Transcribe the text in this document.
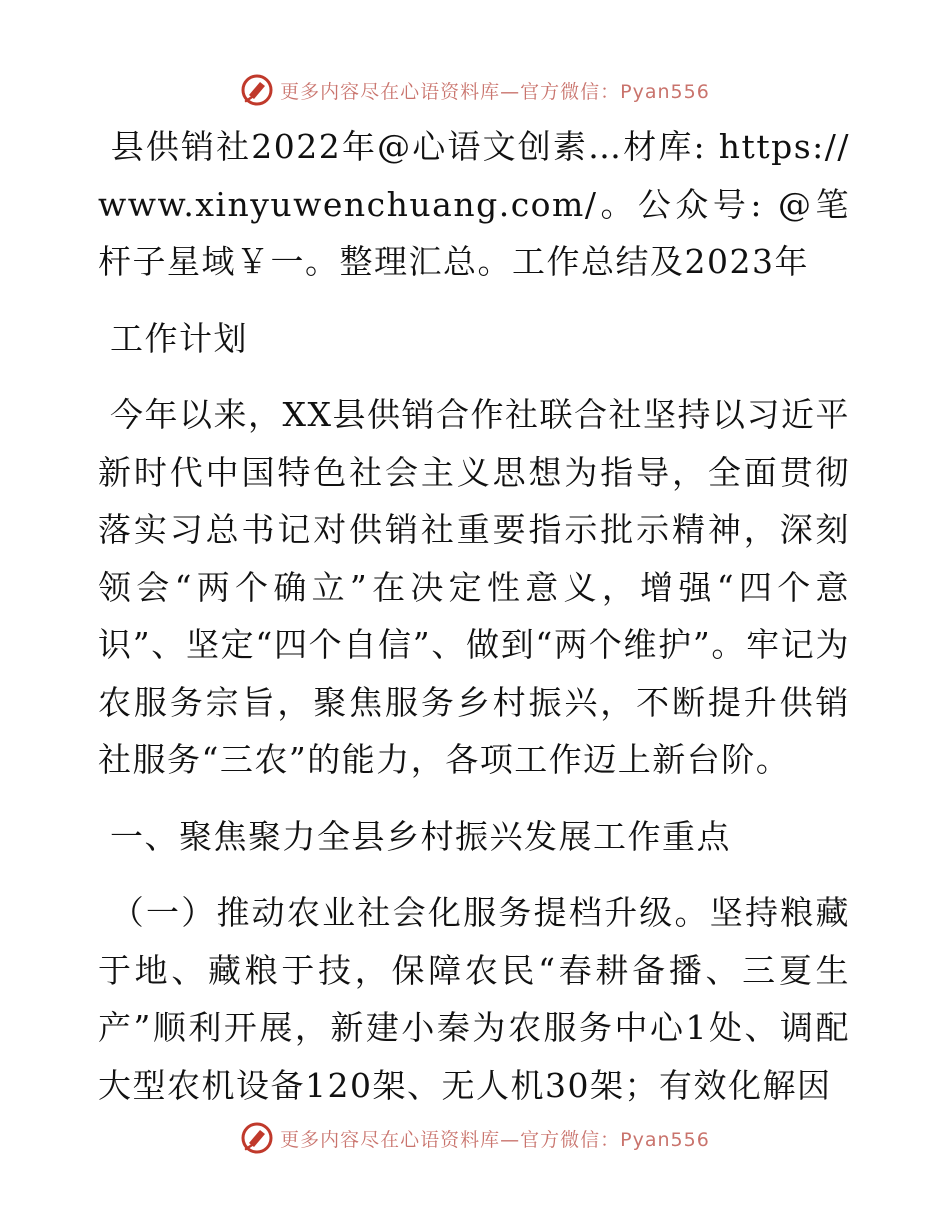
更多内容尽在心语资料库—官方微信：Pyan556

县供销社2022年@心语文创素…材库: https://www.xinyuwenchuang.com/。公众号: @笔杆子星域￥一。整理汇总。工作总结及2023年

工作计划

今年以来，XX县供销合作社联合社坚持以习近平新时代中国特色社会主义思想为指导，全面贯彻落实习总书记对供销社重要指示批示精神，深刻领会“两个确立”在决定性意义，增强“四个意识”、坚定“四个自信”、做到“两个维护”。牢记为农服务宗旨，聚焦服务乡村振兴，不断提升供销社服务“三农”的能力，各项工作迈上新台阶。

一、聚焦聚力全县乡村振兴发展工作重点

（一）推动农业社会化服务提档升级。坚持粮藏于地、藏粮于技，保障农民“春耕备播、三夏生产”顺利开展，新建小秦为农服务中心1处、调配大型农机设备120架、无人机30架；有效化解因

更多内容尽在心语资料库—官方微信：Pyan556
